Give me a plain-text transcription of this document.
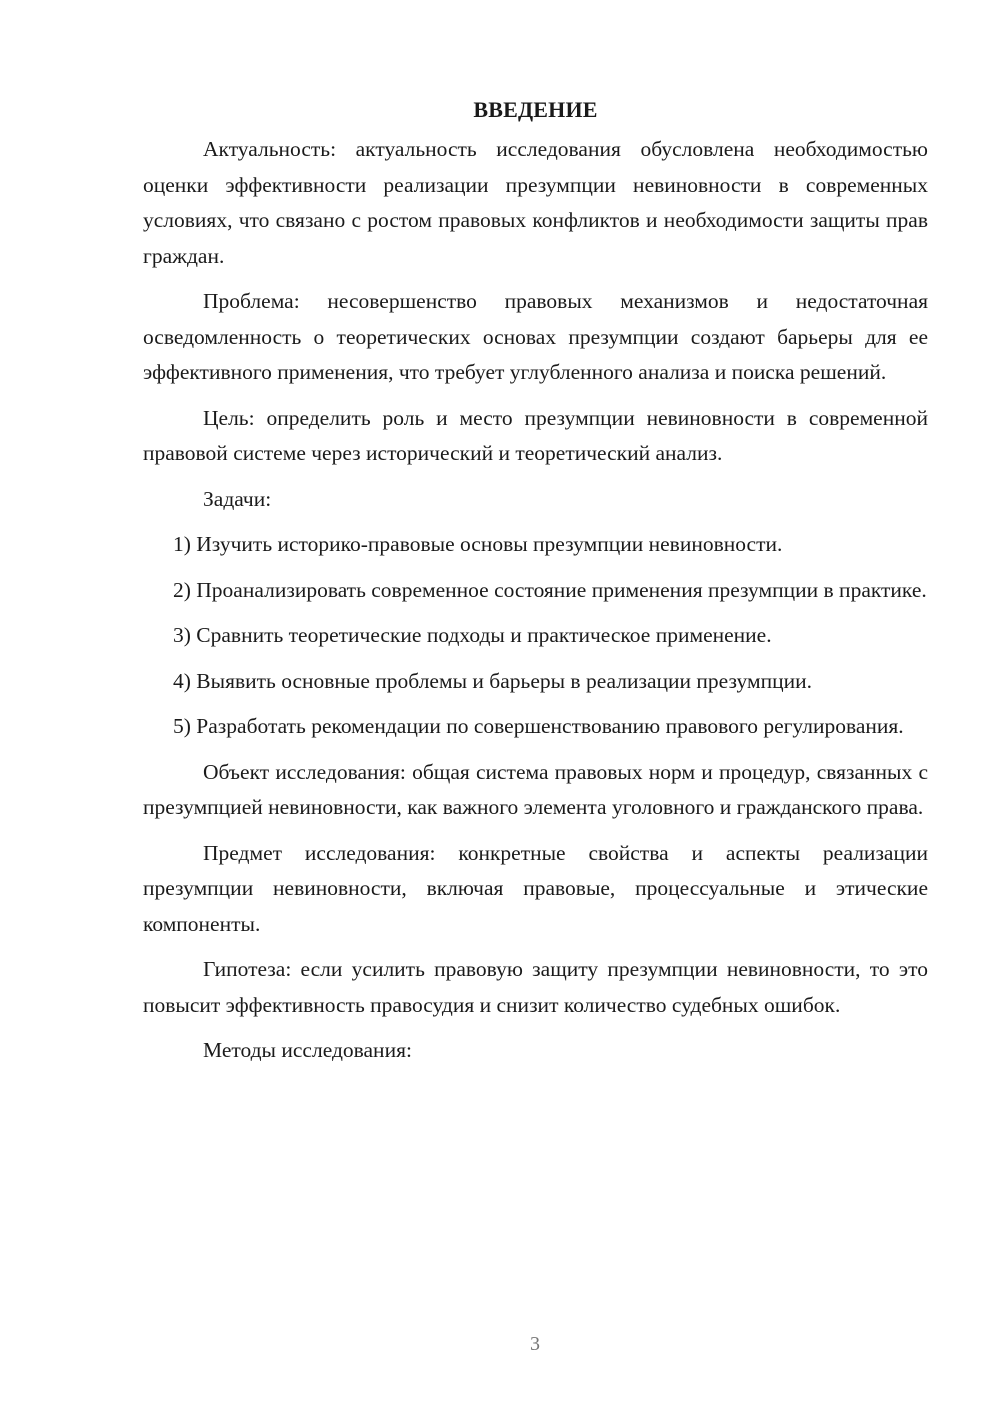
ВВЕДЕНИЕ

Актуальность: актуальность исследования обусловлена необходимостью оценки эффективности реализации презумпции невиновности в современных условиях, что связано с ростом правовых конфликтов и необходимости защиты прав граждан.

Проблема: несовершенство правовых механизмов и недостаточная осведомленность о теоретических основах презумпции создают барьеры для ее эффективного применения, что требует углубленного анализа и поиска решений.

Цель: определить роль и место презумпции невиновности в современной правовой системе через исторический и теоретический анализ.

Задачи:

1) Изучить историко-правовые основы презумпции невиновности.

2) Проанализировать современное состояние применения презумпции в практике.

3) Сравнить теоретические подходы и практическое применение.

4) Выявить основные проблемы и барьеры в реализации презумпции.

5) Разработать рекомендации по совершенствованию правового регулирования.

Объект исследования: общая система правовых норм и процедур, связанных с презумпцией невиновности, как важного элемента уголовного и гражданского права.

Предмет исследования: конкретные свойства и аспекты реализации презумпции невиновности, включая правовые, процессуальные и этические компоненты.

Гипотеза: если усилить правовую защиту презумпции невиновности, то это повысит эффективность правосудия и снизит количество судебных ошибок.

Методы исследования:

3
